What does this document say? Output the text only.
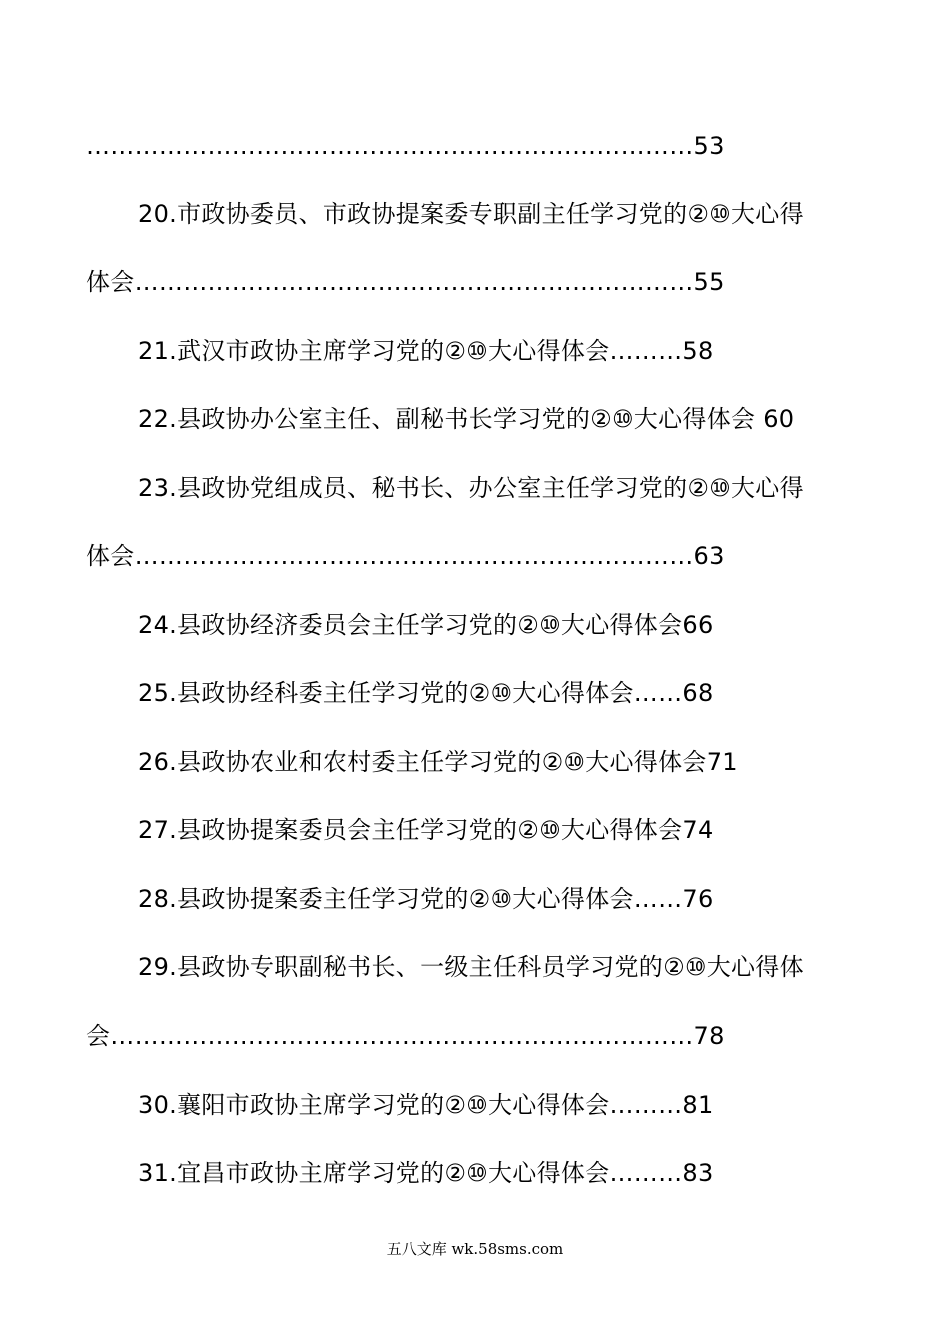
…………………………………………………………………53
20.市政协委员、市政协提案委专职副主任学习党的②⑩大心得
体会……………………………………………………………55
21.武汉市政协主席学习党的②⑩大心得体会………58
22.县政协办公室主任、副秘书长学习党的②⑩大心得体会 60
23.县政协党组成员、秘书长、办公室主任学习党的②⑩大心得
体会……………………………………………………………63
24.县政协经济委员会主任学习党的②⑩大心得体会66
25.县政协经科委主任学习党的②⑩大心得体会……68
26.县政协农业和农村委主任学习党的②⑩大心得体会71
27.县政协提案委员会主任学习党的②⑩大心得体会74
28.县政协提案委主任学习党的②⑩大心得体会……76
29.县政协专职副秘书长、一级主任科员学习党的②⑩大心得体
会………………………………………………………………78
30.襄阳市政协主席学习党的②⑩大心得体会………81
31.宜昌市政协主席学习党的②⑩大心得体会………83
五八文库 wk.58sms.com
